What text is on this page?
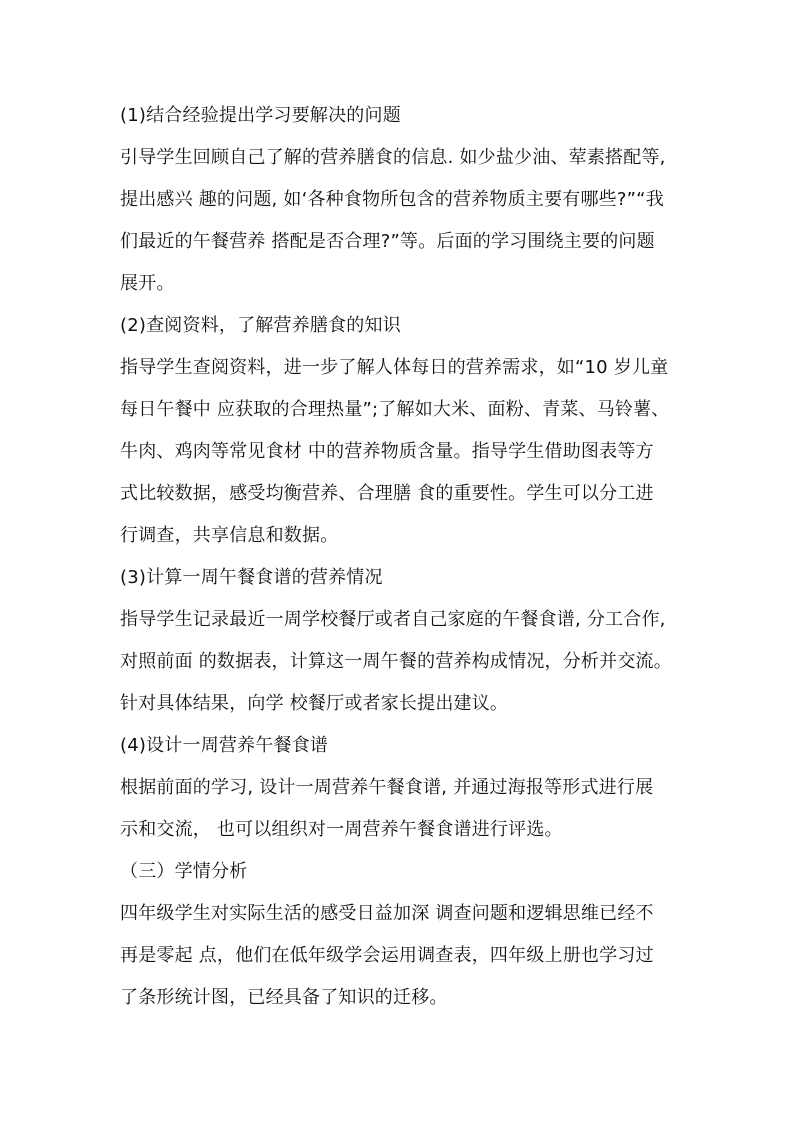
(1)结合经验提出学习要解决的问题
引导学生回顾自己了解的营养膳食的信息. 如少盐少油、荤素搭配等,
提出感兴 趣的问题, 如‘各种食物所包含的营养物质主要有哪些?”“我
们最近的午餐营养 搭配是否合理?”等。后面的学习围绕主要的问题
展开。
(2)查阅资料，了解营养膳食的知识
指导学生查阅资料，进一步了解人体每日的营养需求，如“10 岁儿童
每日午餐中 应获取的合理热量”;了解如大米、面粉、青菜、马铃薯、
牛肉、鸡肉等常见食材 中的营养物质含量。指导学生借助图表等方
式比较数据，感受均衡营养、合理膳 食的重要性。学生可以分工进
行调查，共享信息和数据。
(3)计算一周午餐食谱的营养情况
指导学生记录最近一周学校餐厅或者自己家庭的午餐食谱, 分工合作,
对照前面 的数据表，计算这一周午餐的营养构成情况，分析并交流。
针对具体结果，向学 校餐厅或者家长提出建议。
(4)设计一周营养午餐食谱
根据前面的学习, 设计一周营养午餐食谱, 并通过海报等形式进行展
示和交流， 也可以组织对一周营养午餐食谱进行评选。
（三）学情分析
四年级学生对实际生活的感受日益加深 调查问题和逻辑思维已经不
再是零起 点，他们在低年级学会运用调查表，四年级上册也学习过
了条形统计图，已经具备了知识的迁移。
